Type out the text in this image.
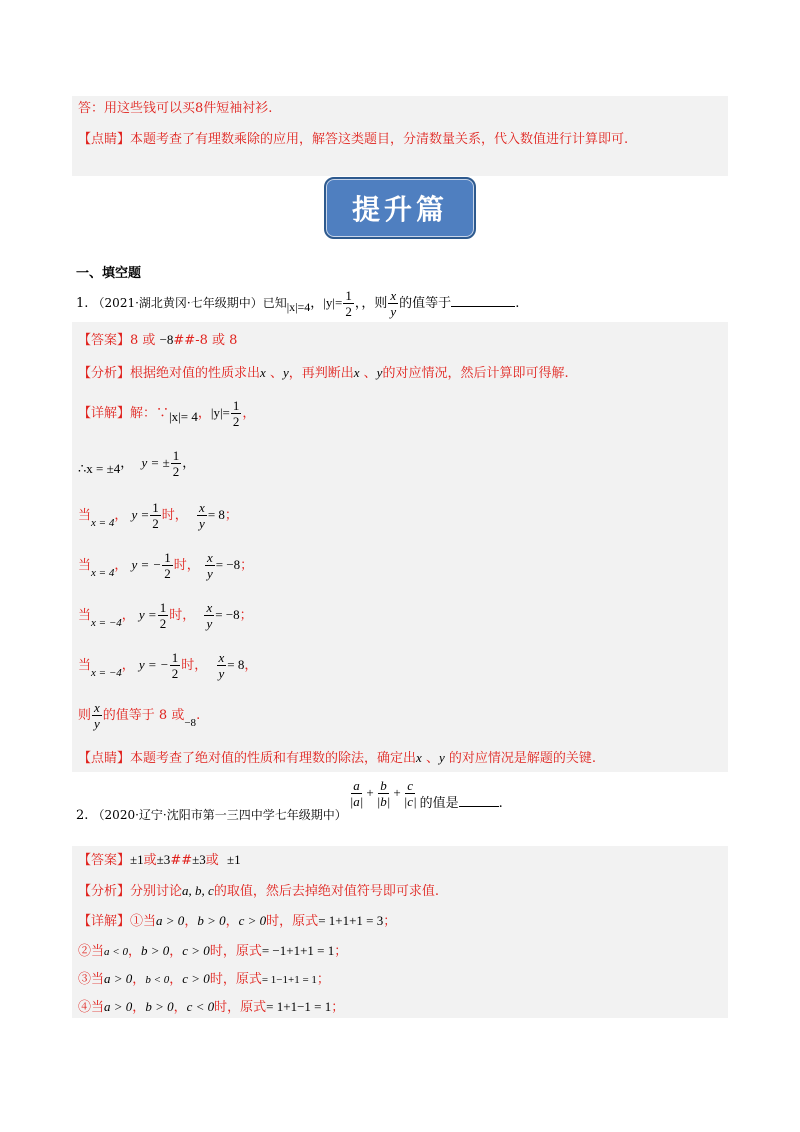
答：用这些钱可以买8件短袖衬衫.
【点睛】本题考查了有理数乘除的应用，解答这类题目，分清数量关系，代入数值进行计算即可.
提升篇
一、填空题
1. （2021·湖北黄冈·七年级期中）已知|x|=4，$|y|= \frac{1}{2}$ ，，则 $\frac{x}{y}$ 的值等于	.
【答案】8 或 −8##-8 或 8
【分析】根据绝对值的性质求出x 、y，再判断出x 、y的对应情况，然后计算即可得解.
【详解】解：∵|x|= 4，$|y|= \frac{1}{2}$ ，
∴x = ±4，  y = ± $\frac{1}{2}$ ，
当$_{x = 4}$， $y = \frac{1}{2}$ 时， $\frac{x}{y} = 8$；
当$_{x = 4}$， y = − $\frac{1}{2}$ 时， $\frac{x}{y} = -8$；
当$_{x = -4}$， $y = \frac{1}{2}$ 时， $\frac{x}{y} = -8$；
当$_{x = -4}$， y = − $\frac{1}{2}$ 时， $\frac{x}{y} = 8$，
则 $\frac{x}{y}$ 的值等于 8 或$_{-8}$.
【点睛】本题考查了绝对值的性质和有理数的除法，确定出x 、y 的对应情况是解题的关键.
2. （2020·辽宁·沈阳市第一三四中学七年级期中）
$\frac{a}{|a|} + \frac{b}{|b|} + \frac{c}{|c|}$ 的值是	.
【答案】±1或±3##±3或 ±1
【分析】分别讨论a, b, c的取值，然后去掉绝对值符号即可求值.
【详解】①当a > 0，b > 0，c > 0时，原式= 1+1+1 = 3；
②当a < 0，b > 0，c > 0时，原式= −1+1+1 = 1；
③当a > 0，b < 0，c > 0时，原式= 1−1+1 = 1；
④当a > 0，b > 0，c < 0时，原式= 1+1−1 = 1；
